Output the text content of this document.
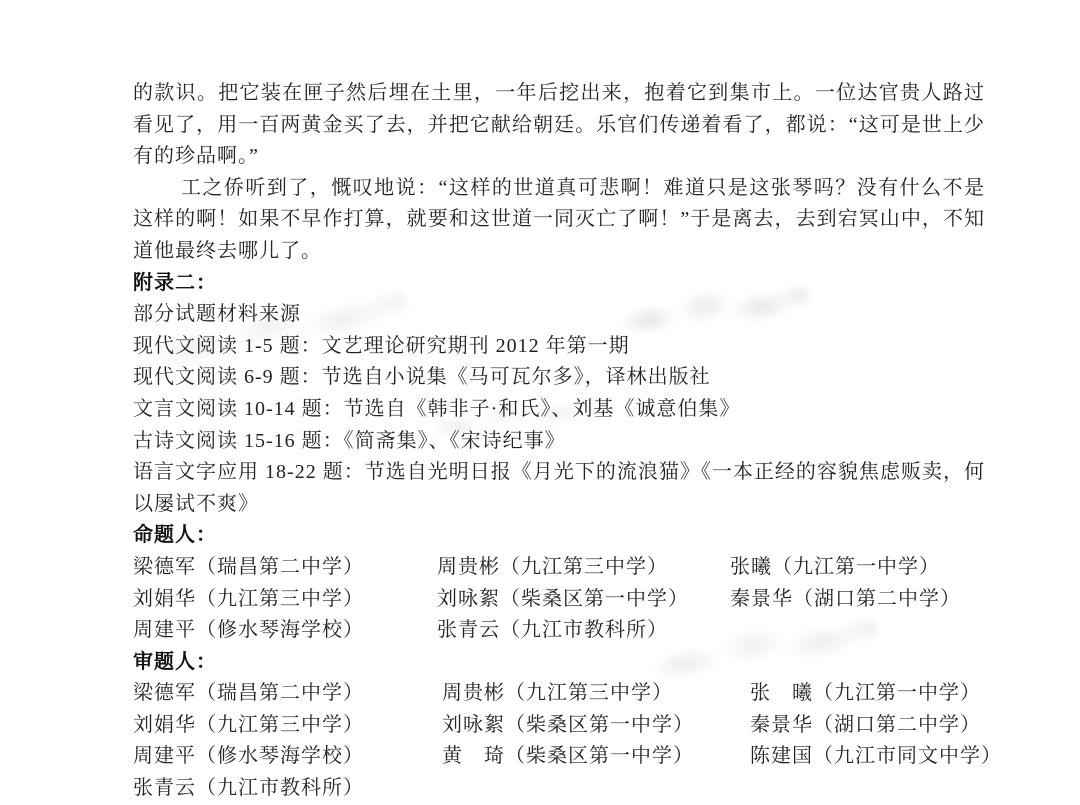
的款识。把它装在匣子然后埋在土里，一年后挖出来，抱着它到集市上。一位达官贵人路过看见了，用一百两黄金买了去，并把它献给朝廷。乐官们传递着看了，都说：“这可是世上少有的珍品啊。”
工之侨听到了，慨叹地说：“这样的世道真可悲啊！难道只是这张琴吗？没有什么不是这样的啊！如果不早作打算，就要和这世道一同灭亡了啊！”于是离去，去到宕冥山中，不知道他最终去哪儿了。
附录二：
部分试题材料来源
现代文阅读 1-5 题：文艺理论研究期刊 2012 年第一期
现代文阅读 6-9 题：节选自小说集《马可瓦尔多》，译林出版社
文言文阅读 10-14 题：节选自《韩非子·和氏》、刘基《诚意伯集》
古诗文阅读 15-16 题：《简斋集》、《宋诗纪事》
语言文字应用 18-22 题：节选自光明日报《月光下的流浪猫》《一本正经的容貌焦虑贩卖，何以屡试不爽》
命题人：
梁德军（瑞昌第二中学）	周贵彬（九江第三中学）	张曦（九江第一中学）
刘娟华（九江第三中学）	刘咏絮（柴桑区第一中学）	秦景华（湖口第二中学）
周建平（修水琴海学校）	张青云（九江市教科所）
审题人：
梁德军（瑞昌第二中学）	周贵彬（九江第三中学）	张　曦（九江第一中学）
刘娟华（九江第三中学）	刘咏絮（柴桑区第一中学）	秦景华（湖口第二中学）
周建平（修水琴海学校）	黄　琦（柴桑区第一中学）	陈建国（九江市同文中学）
张青云（九江市教科所）
